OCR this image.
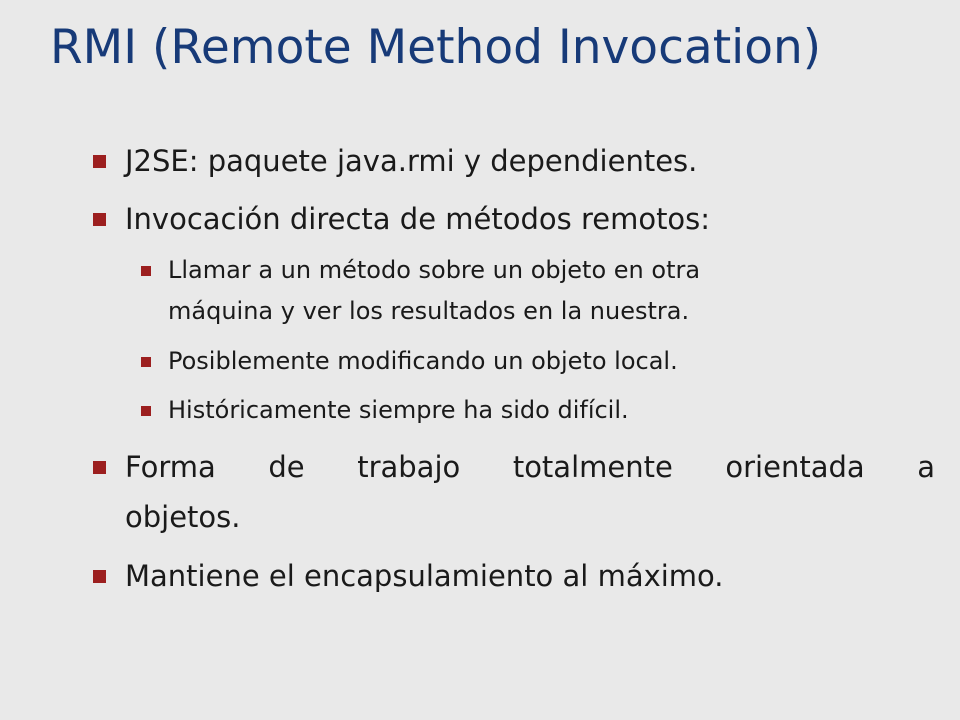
RMI (Remote Method Invocation)
J2SE: paquete java.rmi y dependientes.
Invocación directa de métodos remotos:
Llamar a un método sobre un objeto en otra
máquina y ver los resultados en la nuestra.
Posiblemente modificando un objeto local.
Históricamente siempre ha sido difícil.
Forma de trabajo totalmente orientada a
objetos.
Mantiene el encapsulamiento al máximo.
